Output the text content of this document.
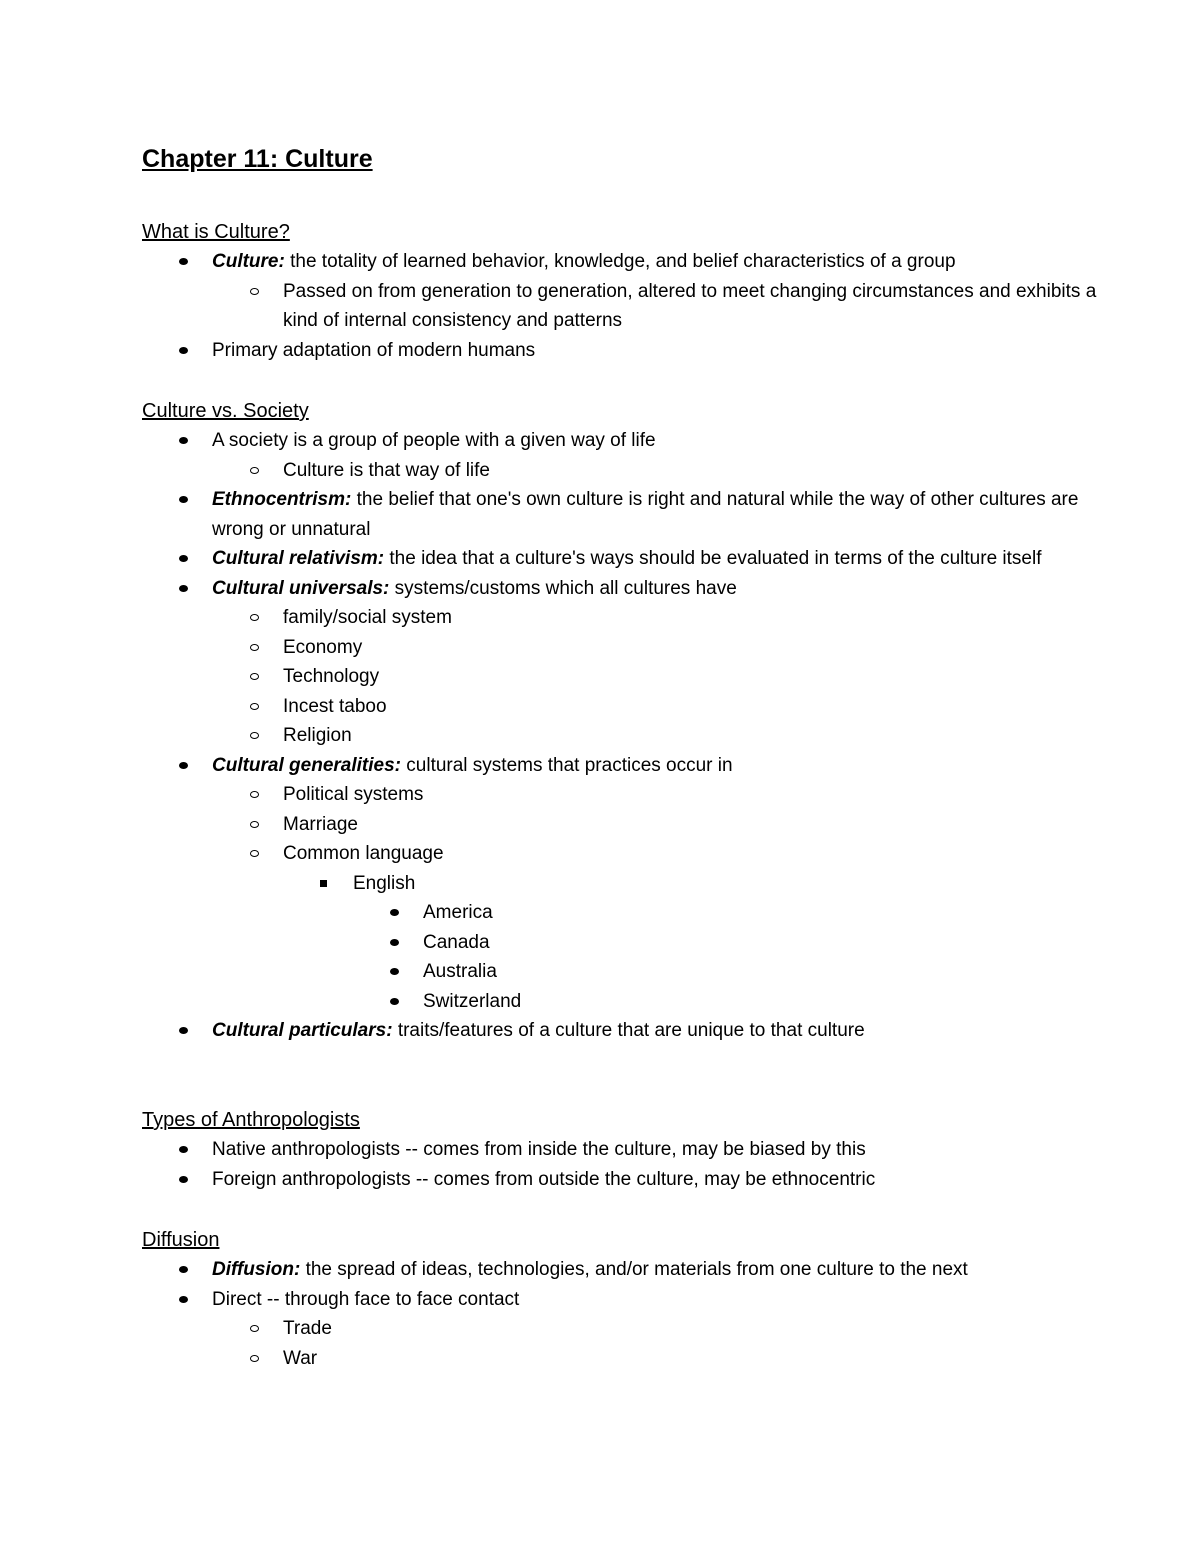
Chapter 11: Culture
What is Culture?
Culture: the totality of learned behavior, knowledge, and belief characteristics of a group
Passed on from generation to generation, altered to meet changing circumstances and exhibits a kind of internal consistency and patterns
Primary adaptation of modern humans
Culture vs. Society
A society is a group of people with a given way of life
Culture is that way of life
Ethnocentrism: the belief that one's own culture is right and natural while the way of other cultures are wrong or unnatural
Cultural relativism: the idea that a culture's ways should be evaluated in terms of the culture itself
Cultural universals: systems/customs which all cultures have
family/social system
Economy
Technology
Incest taboo
Religion
Cultural generalities: cultural systems that practices occur in
Political systems
Marriage
Common language
English
America
Canada
Australia
Switzerland
Cultural particulars: traits/features of a culture that are unique to that culture
Types of Anthropologists
Native anthropologists -- comes from inside the culture, may be biased by this
Foreign anthropologists -- comes from outside the culture, may be ethnocentric
Diffusion
Diffusion: the spread of ideas, technologies, and/or materials from one culture to the next
Direct -- through face to face contact
Trade
War
